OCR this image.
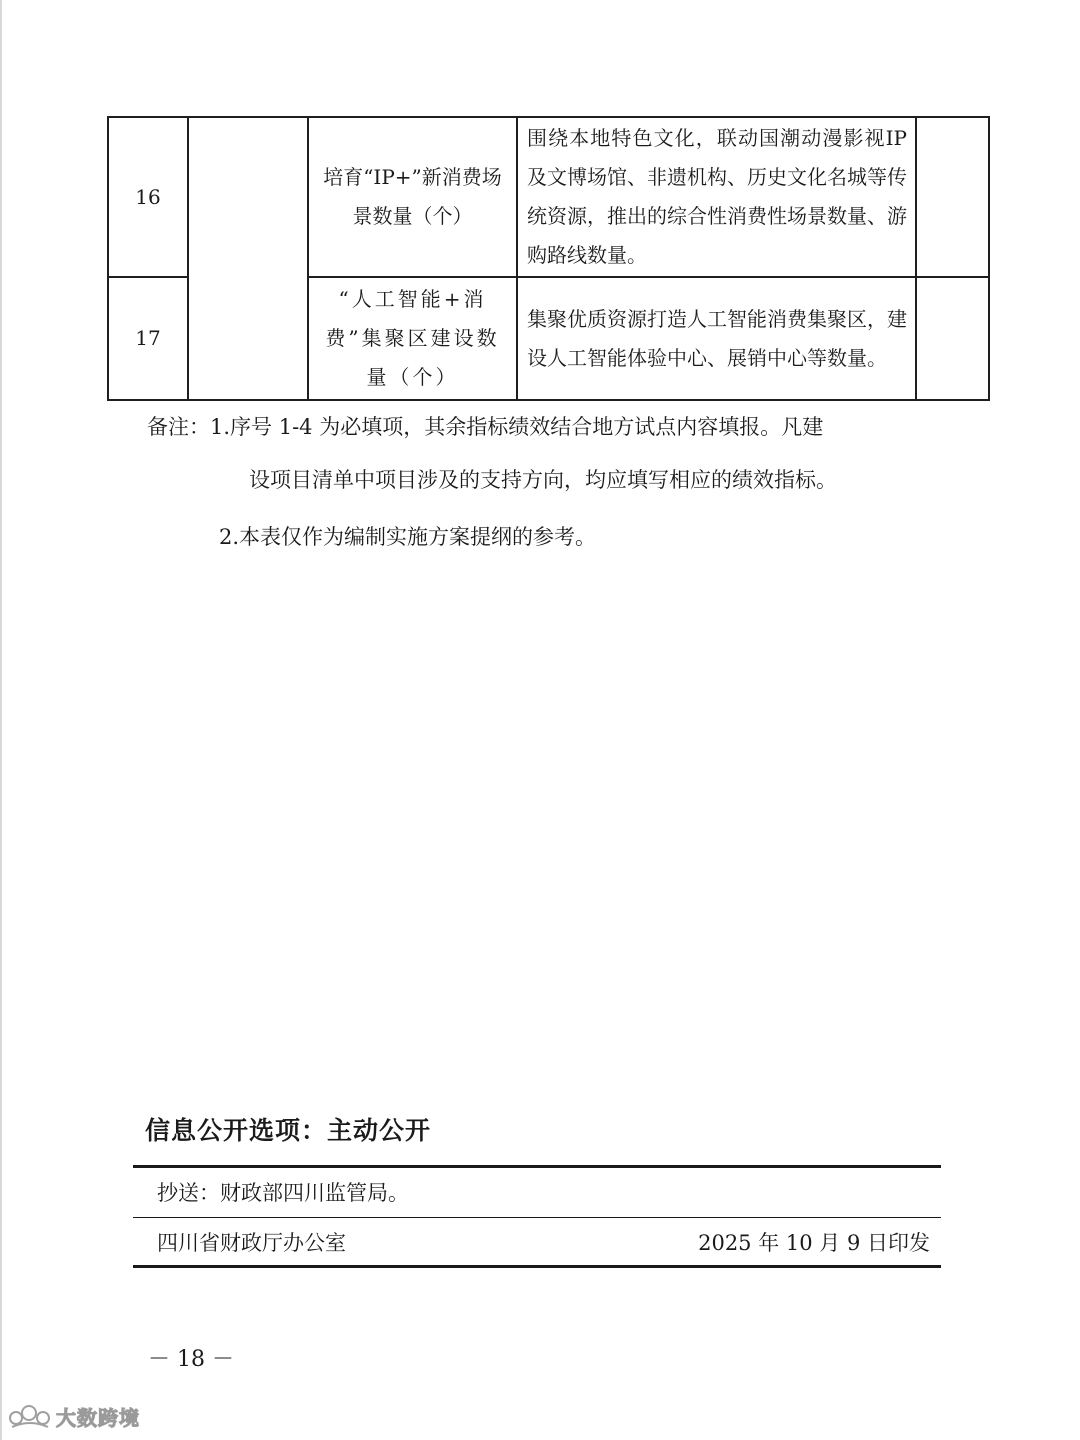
16		培育“IP+”新消费场景数量（个）	围绕本地特色文化，联动国潮动漫影视IP及文博场馆、非遗机构、历史文化名城等传统资源，推出的综合性消费性场景数量、游购路线数量。	
17		“人工智能+消费”集聚区建设数量（个）	集聚优质资源打造人工智能消费集聚区，建设人工智能体验中心、展销中心等数量。	
备注：1.序号 1-4 为必填项，其余指标绩效结合地方试点内容填报。凡建
设项目清单中项目涉及的支持方向，均应填写相应的绩效指标。
2.本表仅作为编制实施方案提纲的参考。
信息公开选项：主动公开
抄送：财政部四川监管局。
四川省财政厅办公室	2025 年 10 月 9 日印发
－ 18 －
大数跨境
